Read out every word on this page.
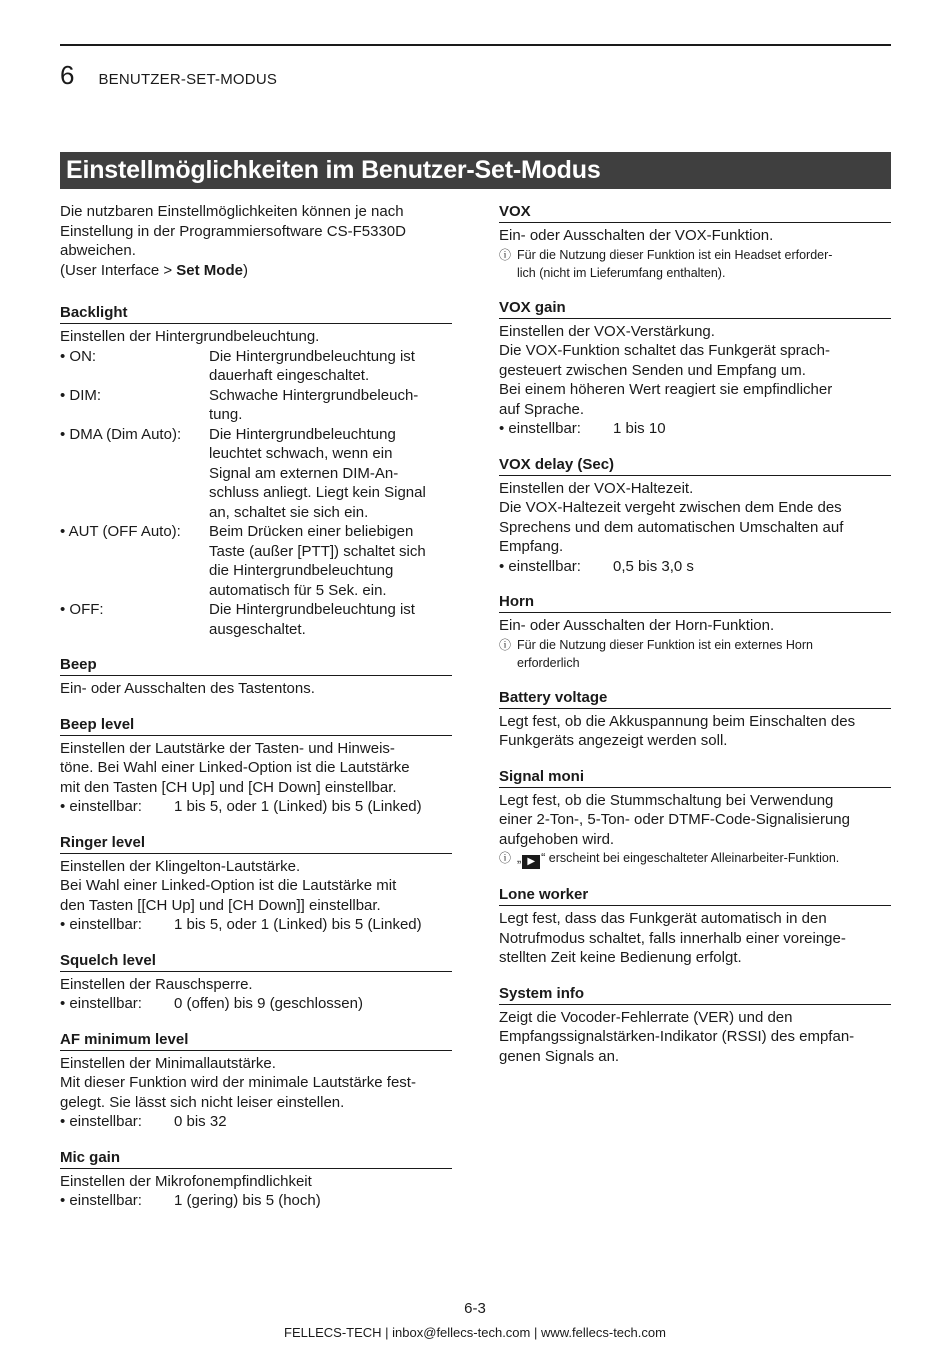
6 BENUTZER-SET-MODUS
Einstellmöglichkeiten im Benutzer-Set-Modus

Die nutzbaren Einstellmöglichkeiten können je nach

Einstellung in der Programmiersoftware CS-F5330D

abweichen.

(User Interface > Set Mode)

Backlight

Einstellen der Hintergrundbeleuchtung.

• ON:	Die Hintergrundbeleuchtung ist
dauerhaft eingeschaltet.
• DIM:	Schwache Hintergrundbeleuch-
tung.
• DMA (Dim Auto):	Die Hintergrundbeleuchtung
leuchtet schwach, wenn ein
Signal am externen DIM-An-
schluss anliegt. Liegt kein Signal
an, schaltet sie sich ein.
• AUT (OFF Auto):	Beim Drücken einer beliebigen
Taste (außer [PTT]) schaltet sich
die Hintergrundbeleuchtung
automatisch für 5 Sek. ein.
• OFF:	Die Hintergrundbeleuchtung ist
ausgeschaltet.
Beep

Ein- oder Ausschalten des Tastentons.

Beep level

Einstellen der Lautstärke der Tasten- und Hinweis-

töne. Bei Wahl einer Linked-Option ist die Lautstärke

mit den Tasten [CH Up] und [CH Down] einstellbar.

• einstellbar:	1 bis 5, oder 1 (Linked) bis 5 (Linked)
Ringer level

Einstellen der Klingelton-Lautstärke.

Bei Wahl einer Linked-Option ist die Lautstärke mit

den Tasten [[CH Up] und [CH Down]] einstellbar.

• einstellbar:	1 bis 5, oder 1 (Linked) bis 5 (Linked)
Squelch level

Einstellen der Rauschsperre.

• einstellbar:	0 (offen) bis 9 (geschlossen)
AF minimum level

Einstellen der Minimallautstärke.

Mit dieser Funktion wird der minimale Lautstärke fest-

gelegt. Sie lässt sich nicht leiser einstellen.

• einstellbar:	0 bis 32
Mic gain

Einstellen der Mikrofonempfindlichkeit

• einstellbar:	1 (gering) bis 5 (hoch)
VOX

Ein- oder Ausschalten der VOX-Funktion.

ⓘ Für die Nutzung dieser Funktion ist ein Headset erforder-
lich (nicht im Lieferumfang enthalten).
VOX gain

Einstellen der VOX-Verstärkung.

Die VOX-Funktion schaltet das Funkgerät sprach-

gesteuert zwischen Senden und Empfang um.

Bei einem höheren Wert reagiert sie empfindlicher

auf Sprache.

• einstellbar:	1 bis 10
VOX delay (Sec)

Einstellen der VOX-Haltezeit.

Die VOX-Haltezeit vergeht zwischen dem Ende des

Sprechens und dem automatischen Umschalten auf

Empfang.

• einstellbar:	0,5 bis 3,0 s
Horn

Ein- oder Ausschalten der Horn-Funktion.

ⓘ Für die Nutzung dieser Funktion ist ein externes Horn
erforderlich
Battery voltage

Legt fest, ob die Akkuspannung beim Einschalten des

Funkgeräts angezeigt werden soll.

Signal moni

Legt fest, ob die Stummschaltung bei Verwendung

einer 2-Ton-, 5-Ton- oder DTMF-Code-Signalisierung

aufgehoben wird.

ⓘ „ ▶ “ erscheint bei eingeschalteter Alleinarbeiter-Funktion.
Lone worker

Legt fest, dass das Funkgerät automatisch in den

Notrufmodus schaltet, falls innerhalb einer voreinge-

stellten Zeit keine Bedienung erfolgt.

System info

Zeigt die Vocoder-Fehlerrate (VER) und den

Empfangssignalstärken-Indikator (RSSI) des empfan-

genen Signals an.

6-3
FELLECS-TECH | inbox@fellecs-tech.com | www.fellecs-tech.com
